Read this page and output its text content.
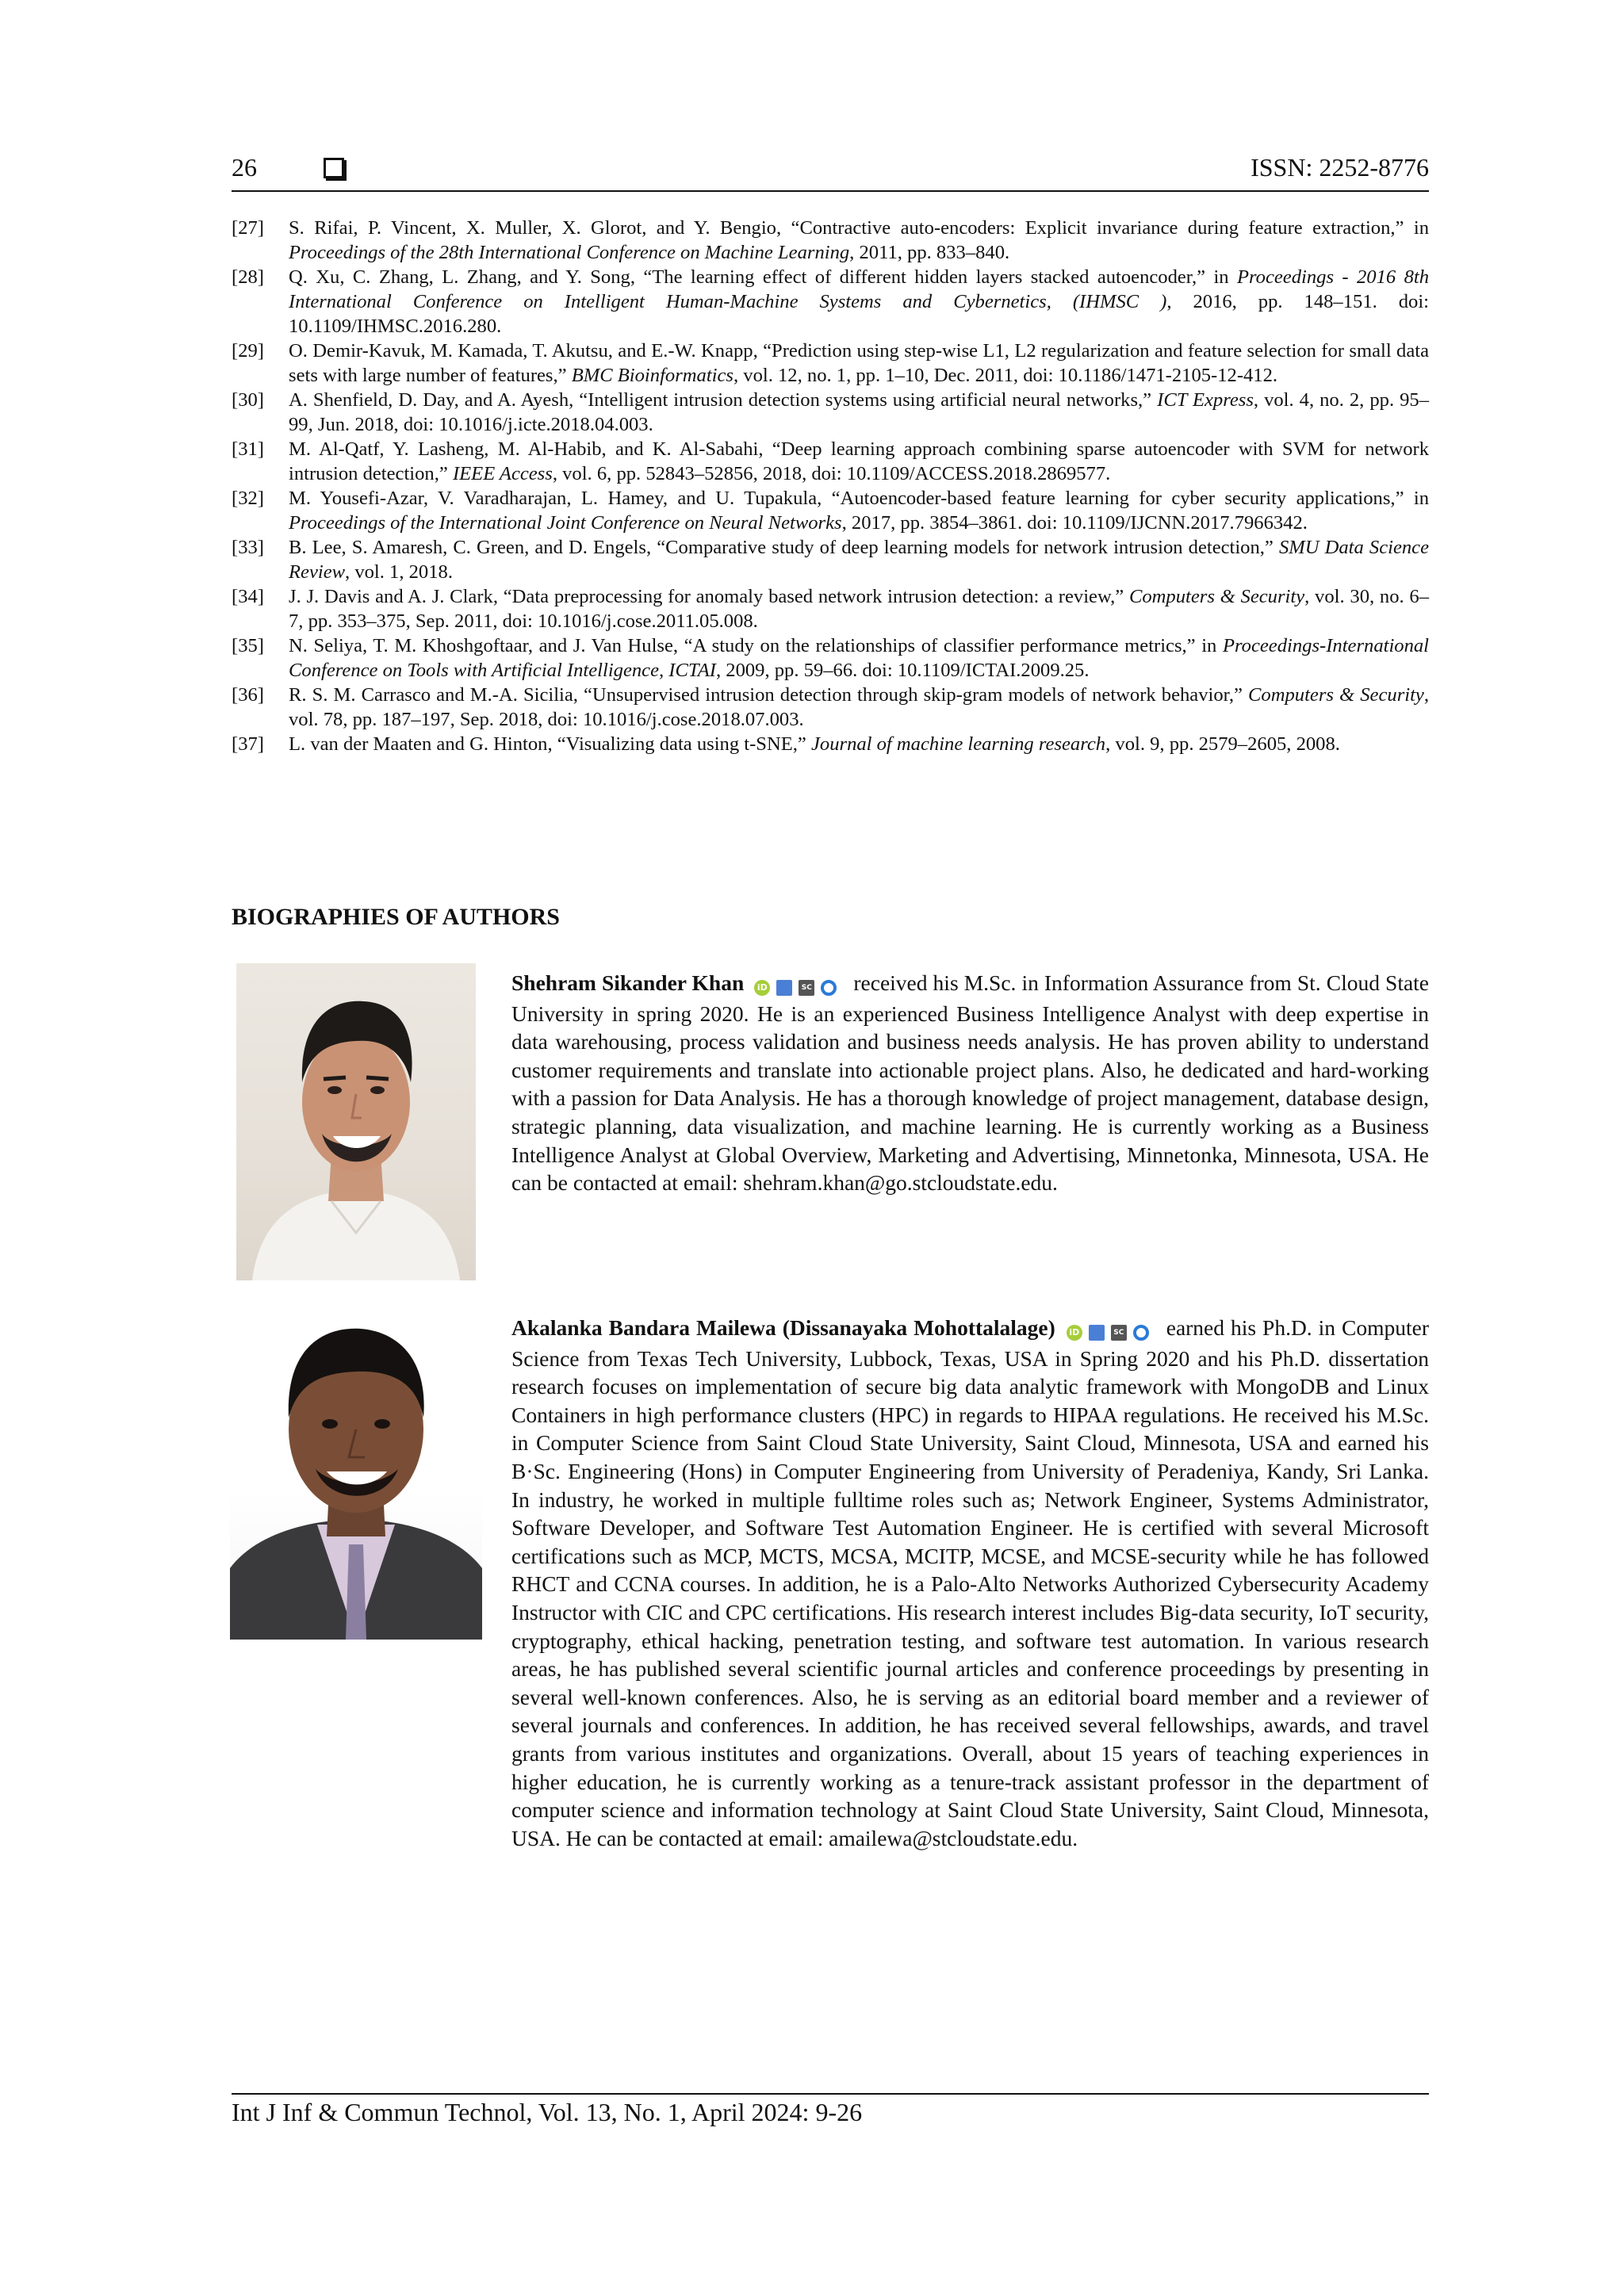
26	ISSN: 2252-8776
[27]	S. Rifai, P. Vincent, X. Muller, X. Glorot, and Y. Bengio, “Contractive auto-encoders: Explicit invariance during feature extraction,” in Proceedings of the 28th International Conference on Machine Learning, 2011, pp. 833–840.
[28]	Q. Xu, C. Zhang, L. Zhang, and Y. Song, “The learning effect of different hidden layers stacked autoencoder,” in Proceedings - 2016 8th International Conference on Intelligent Human-Machine Systems and Cybernetics, (IHMSC ), 2016, pp. 148–151. doi: 10.1109/IHMSC.2016.280.
[29]	O. Demir-Kavuk, M. Kamada, T. Akutsu, and E.-W. Knapp, “Prediction using step-wise L1, L2 regularization and feature selection for small data sets with large number of features,” BMC Bioinformatics, vol. 12, no. 1, pp. 1–10, Dec. 2011, doi: 10.1186/1471-2105-12-412.
[30]	A. Shenfield, D. Day, and A. Ayesh, “Intelligent intrusion detection systems using artificial neural networks,” ICT Express, vol. 4, no. 2, pp. 95–99, Jun. 2018, doi: 10.1016/j.icte.2018.04.003.
[31]	M. Al-Qatf, Y. Lasheng, M. Al-Habib, and K. Al-Sabahi, “Deep learning approach combining sparse autoencoder with SVM for network intrusion detection,” IEEE Access, vol. 6, pp. 52843–52856, 2018, doi: 10.1109/ACCESS.2018.2869577.
[32]	M. Yousefi-Azar, V. Varadharajan, L. Hamey, and U. Tupakula, “Autoencoder-based feature learning for cyber security applications,” in Proceedings of the International Joint Conference on Neural Networks, 2017, pp. 3854–3861. doi: 10.1109/IJCNN.2017.7966342.
[33]	B. Lee, S. Amaresh, C. Green, and D. Engels, “Comparative study of deep learning models for network intrusion detection,” SMU Data Science Review, vol. 1, 2018.
[34]	J. J. Davis and A. J. Clark, “Data preprocessing for anomaly based network intrusion detection: a review,” Computers & Security, vol. 30, no. 6–7, pp. 353–375, Sep. 2011, doi: 10.1016/j.cose.2011.05.008.
[35]	N. Seliya, T. M. Khoshgoftaar, and J. Van Hulse, “A study on the relationships of classifier performance metrics,” in Proceedings-International Conference on Tools with Artificial Intelligence, ICTAI, 2009, pp. 59–66. doi: 10.1109/ICTAI.2009.25.
[36]	R. S. M. Carrasco and M.-A. Sicilia, “Unsupervised intrusion detection through skip-gram models of network behavior,” Computers & Security, vol. 78, pp. 187–197, Sep. 2018, doi: 10.1016/j.cose.2018.07.003.
[37]	L. van der Maaten and G. Hinton, “Visualizing data using t-SNE,” Journal of machine learning research, vol. 9, pp. 2579–2605, 2008.
BIOGRAPHIES OF AUTHORS
Shehram Sikander Khan iD	SC received his M.Sc. in Information Assurance from St. Cloud State University in spring 2020. He is an experienced Business Intelligence Analyst with deep expertise in data warehousing, process validation and business needs analysis. He has proven ability to understand customer requirements and translate into actionable project plans. Also, he dedicated and hard-working with a passion for Data Analysis. He has a thorough knowledge of project management, database design, strategic planning, data visualization, and machine learning. He is currently working as a Business Intelligence Analyst at Global Overview, Marketing and Advertising, Minnetonka, Minnesota, USA. He can be contacted at email: shehram.khan@go.stcloudstate.edu.
Akalanka Bandara Mailewa (Dissanayaka Mohottalalage) iD	SC earned his Ph.D. in Computer Science from Texas Tech University, Lubbock, Texas, USA in Spring 2020 and his Ph.D. dissertation research focuses on implementation of secure big data analytic framework with MongoDB and Linux Containers in high performance clusters (HPC) in regards to HIPAA regulations. He received his M.Sc. in Computer Science from Saint Cloud State University, Saint Cloud, Minnesota, USA and earned his B·Sc. Engineering (Hons) in Computer Engineering from University of Peradeniya, Kandy, Sri Lanka. In industry, he worked in multiple fulltime roles such as; Network Engineer, Systems Administrator, Software Developer, and Software Test Automation Engineer. He is certified with several Microsoft certifications such as MCP, MCTS, MCSA, MCITP, MCSE, and MCSE-security while he has followed RHCT and CCNA courses. In addition, he is a Palo-Alto Networks Authorized Cybersecurity Academy Instructor with CIC and CPC certifications. His research interest includes Big-data security, IoT security, cryptography, ethical hacking, penetration testing, and software test automation. In various research areas, he has published several scientific journal articles and conference proceedings by presenting in several well-known conferences. Also, he is serving as an editorial board member and a reviewer of several journals and conferences. In addition, he has received several fellowships, awards, and travel grants from various institutes and organizations. Overall, about 15 years of teaching experiences in higher education, he is currently working as a tenure-track assistant professor in the department of computer science and information technology at Saint Cloud State University, Saint Cloud, Minnesota, USA. He can be contacted at email: amailewa@stcloudstate.edu.
Int J Inf & Commun Technol, Vol. 13, No. 1, April 2024: 9-26
